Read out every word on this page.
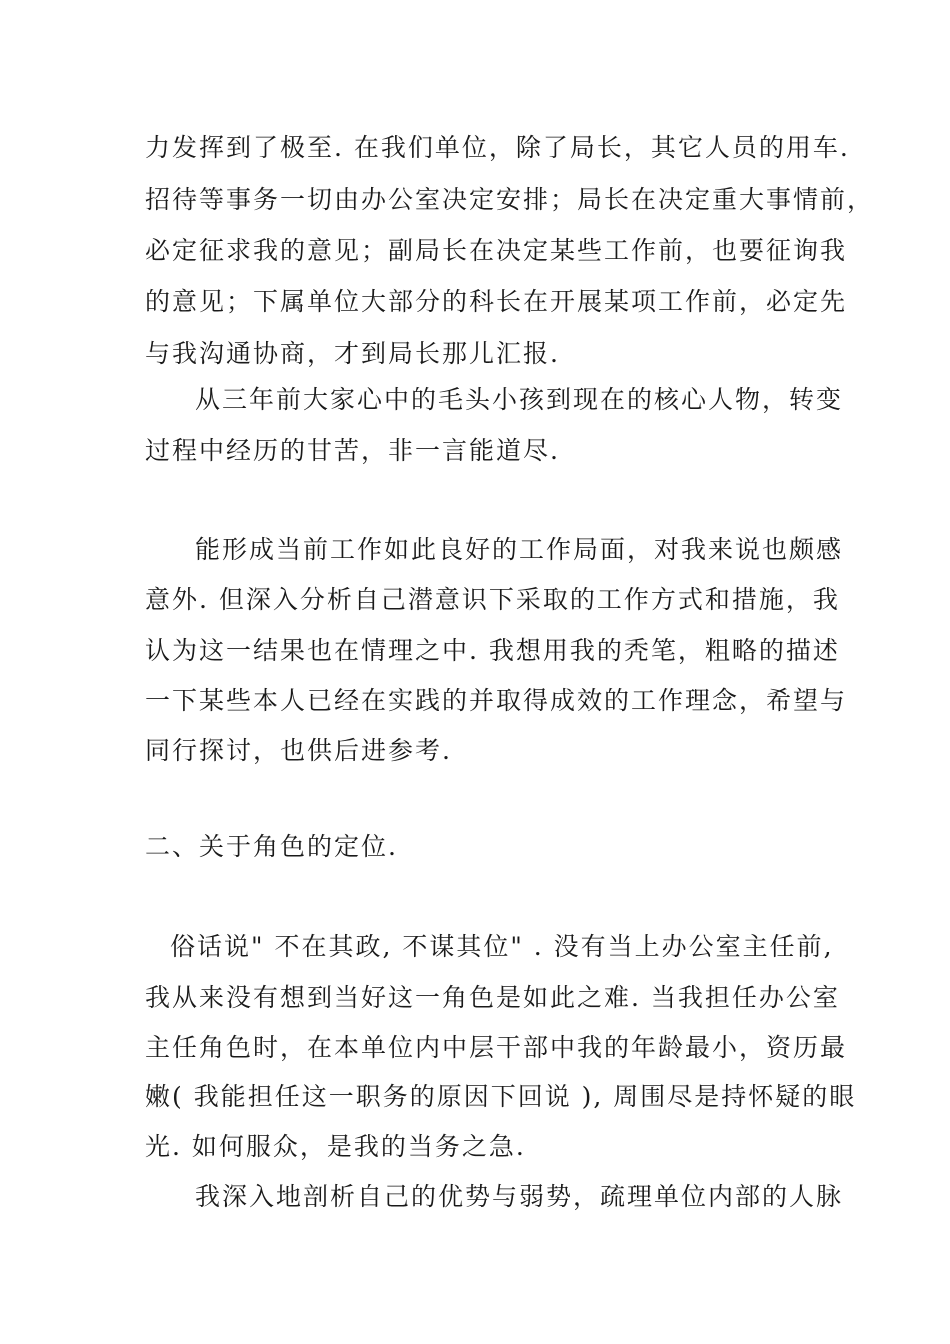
力发挥到了极至. 在我们单位，除了局长，其它人员的用车.
招待等事务一切由办公室决定安排；局长在决定重大事情前，
必定征求我的意见；副局长在决定某些工作前，也要征询我
的意见；下属单位大部分的科长在开展某项工作前，必定先
与我沟通协商，才到局长那儿汇报.
从三年前大家心中的毛头小孩到现在的核心人物，转变
过程中经历的甘苦，非一言能道尽.
能形成当前工作如此良好的工作局面，对我来说也颇感
意外. 但深入分析自己潜意识下采取的工作方式和措施，我
认为这一结果也在情理之中. 我想用我的秃笔，粗略的描述
一下某些本人已经在实践的并取得成效的工作理念，希望与
同行探讨，也供后进参考.
二、关于角色的定位.
俗话说" 不在其政, 不谋其位" . 没有当上办公室主任前,
我从来没有想到当好这一角色是如此之难. 当我担任办公室
主任角色时，在本单位内中层干部中我的年龄最小，资历最
嫩( 我能担任这一职务的原因下回说 ), 周围尽是持怀疑的眼
光. 如何服众，是我的当务之急.
我深入地剖析自己的优势与弱势，疏理单位内部的人脉
